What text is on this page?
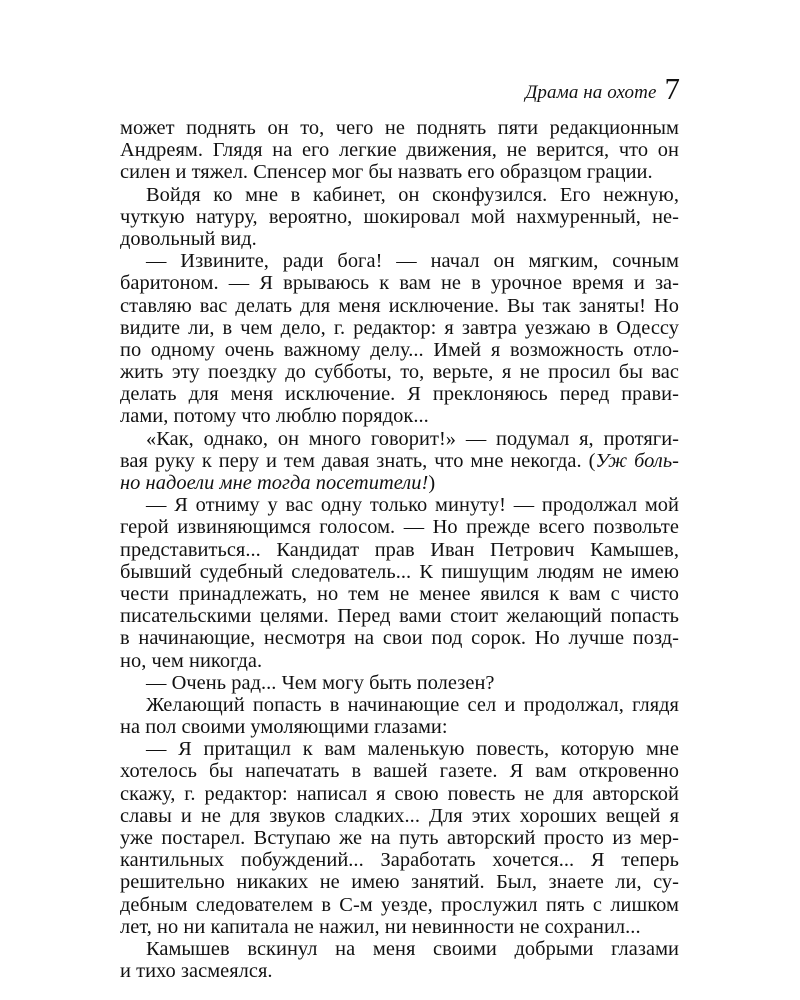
Драма на охоте 7
может поднять он то, чего не поднять пяти редакционным
Андреям. Глядя на его легкие движения, не верится, что он
силен и тяжел. Спенсер мог бы назвать его образцом грации.
Войдя ко мне в кабинет, он сконфузился. Его нежную,
чуткую натуру, вероятно, шокировал мой нахмуренный, не-
довольный вид.
— Извините, ради бога! — начал он мягким, сочным
баритоном. — Я врываюсь к вам не в урочное время и за-
ставляю вас делать для меня исключение. Вы так заняты! Но
видите ли, в чем дело, г. редактор: я завтра уезжаю в Одессу
по одному очень важному делу... Имей я возможность отло-
жить эту поездку до субботы, то, верьте, я не просил бы вас
делать для меня исключение. Я преклоняюсь перед прави-
лами, потому что люблю порядок...
«Как, однако, он много говорит!» — подумал я, протяги-
вая руку к перу и тем давая знать, что мне некогда. (Уж боль-
но надоели мне тогда посетители!)
— Я отниму у вас одну только минуту! — продолжал мой
герой извиняющимся голосом. — Но прежде всего позвольте
представиться... Кандидат прав Иван Петрович Камышев,
бывший судебный следователь... К пишущим людям не имею
чести принадлежать, но тем не менее явился к вам с чисто
писательскими целями. Перед вами стоит желающий попасть
в начинающие, несмотря на свои под сорок. Но лучше позд-
но, чем никогда.
— Очень рад... Чем могу быть полезен?
Желающий попасть в начинающие сел и продолжал, глядя
на пол своими умоляющими глазами:
— Я притащил к вам маленькую повесть, которую мне
хотелось бы напечатать в вашей газете. Я вам откровенно
скажу, г. редактор: написал я свою повесть не для авторской
славы и не для звуков сладких... Для этих хороших вещей я
уже постарел. Вступаю же на путь авторский просто из мер-
кантильных побуждений... Заработать хочется... Я теперь
решительно никаких не имею занятий. Был, знаете ли, су-
дебным следователем в С-м уезде, прослужил пять с лишком
лет, но ни капитала не нажил, ни невинности не сохранил...
Камышев вскинул на меня своими добрыми глазами
и тихо засмеялся.
